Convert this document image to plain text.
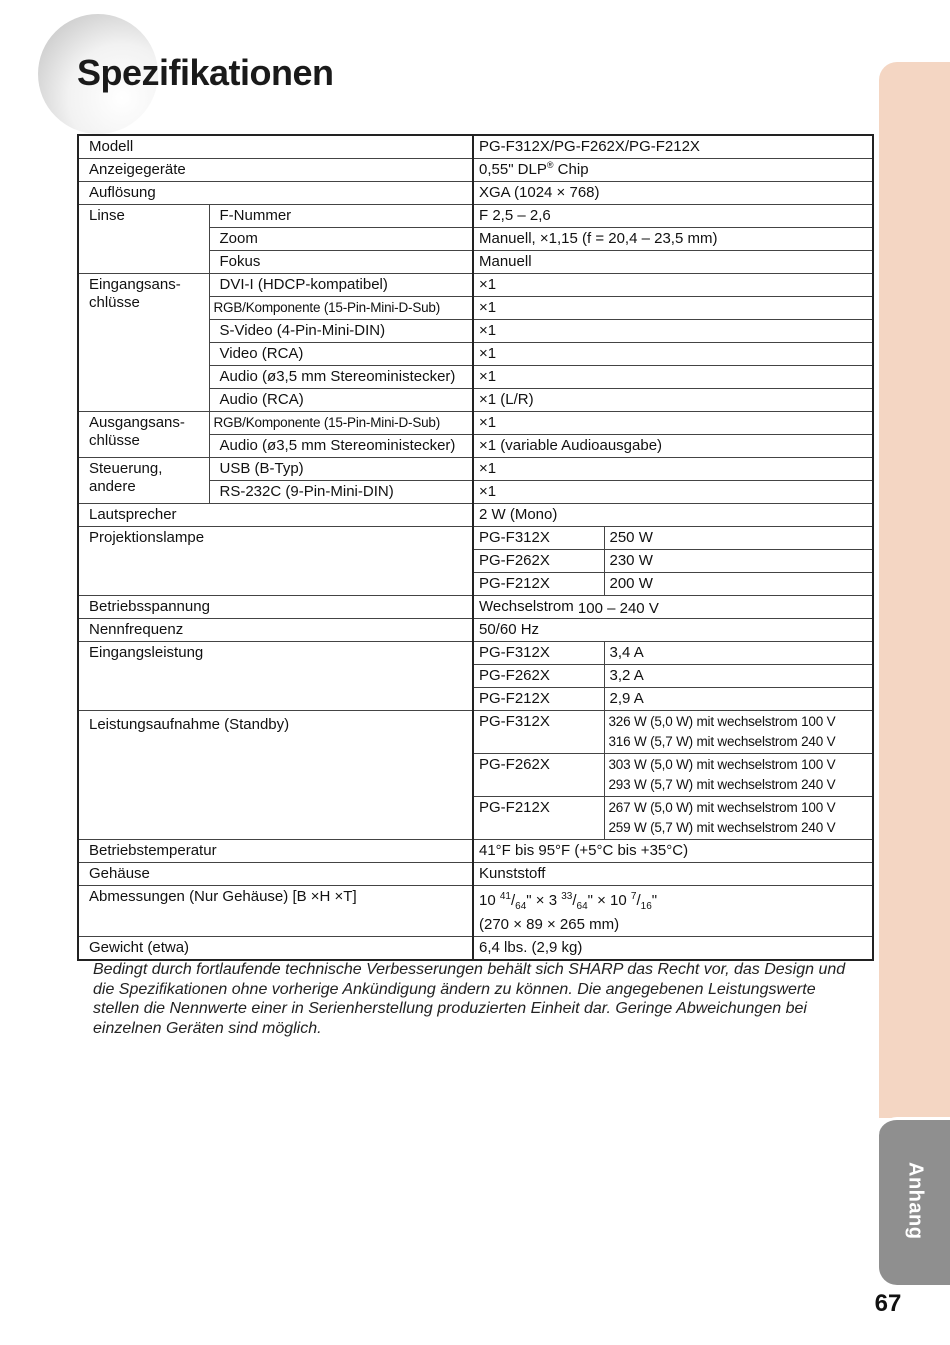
Spezifikationen
Anhang
Modell		PG-F312X/PG-F262X/PG-F212X	
Anzeigegeräte		0,55" DLP® Chip	
Auflösung		XGA (1024 × 768)	
Linse	F-Nummer	F 2,5 – 2,6	
	Zoom	Manuell, ×1,15 (f = 20,4 – 23,5 mm)	
	Fokus	Manuell	
Eingangsans-
chlüsse	DVI-I (HDCP-kompatibel)	×1	
	RGB/Komponente (15-Pin-Mini-D-Sub)	×1	
	S-Video (4-Pin-Mini-DIN)	×1	
	Video (RCA)	×1	
	Audio (ø3,5 mm Stereoministecker)	×1	
	Audio (RCA)	×1 (L/R)	
Ausgangsans-
chlüsse	RGB/Komponente (15-Pin-Mini-D-Sub)	×1	
	Audio (ø3,5 mm Stereoministecker)	×1 (variable Audioausgabe)	
Steuerung,
andere	USB (B-Typ)	×1	
	RS-232C (9-Pin-Mini-DIN)	×1	
Lautsprecher		2 W (Mono)	
Projektionslampe		PG-F312X	250 W
		PG-F262X	230 W
		PG-F212X	200 W
Betriebsspannung		Wechselstrom 100 – 240 V	
Nennfrequenz		50/60 Hz	
Eingangsleistung		PG-F312X	3,4 A
		PG-F262X	3,2 A
		PG-F212X	2,9 A
Leistungsaufnahme (Standby)		PG-F312X	326 W (5,0 W) mit wechselstrom 100 V
316 W (5,7 W) mit wechselstrom 240 V

		PG-F262X	303 W (5,0 W) mit wechselstrom 100 V
293 W (5,7 W) mit wechselstrom 240 V

		PG-F212X	267 W (5,0 W) mit wechselstrom 100 V
259 W (5,7 W) mit wechselstrom 240 V

Betriebstemperatur		41°F bis 95°F (+5°C bis +35°C)	
Gehäuse		Kunststoff	
Abmessungen (Nur Gehäuse) [B ×H ×T]		10 $^{41}/_{64}$" × 3 $^{33}/_{64}$" × 10 $^7/_{16}$"
(270 × 89 × 265 mm)	

Gewicht (etwa)		6,4 lbs. (2,9 kg)	

Bedingt durch fortlaufende technische Verbesserungen behält sich SHARP das Recht vor, das Design und die Spezifikationen ohne vorherige Ankündigung ändern zu können. Die angegebenen Leistungswerte stellen die Nennwerte einer in Serienherstellung produzierten Einheit dar. Geringe Abweichungen bei einzelnen Geräten sind möglich.

67
